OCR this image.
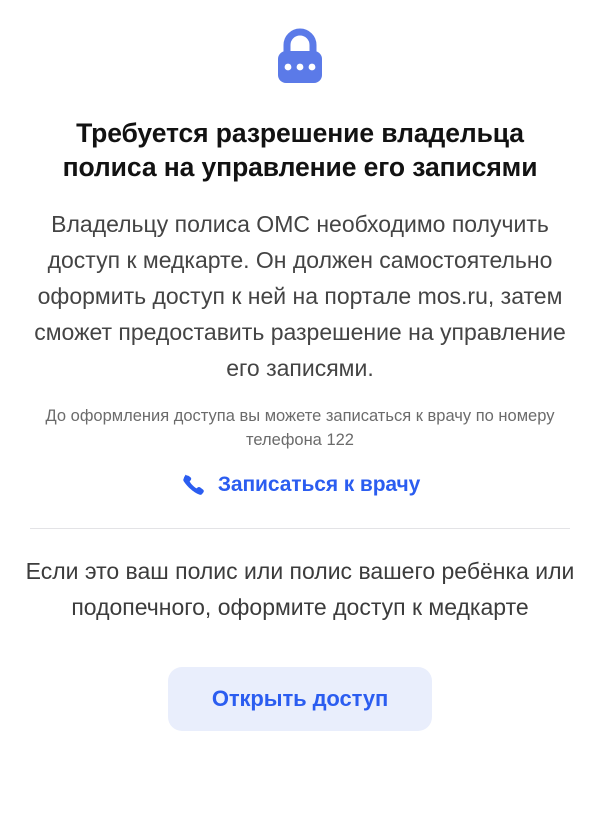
Требуется разрешение владельца полиса на управление его записями

Владельцу полиса ОМС необходимо получить доступ к медкарте. Он должен самостоятельно оформить доступ к ней на портале mos.ru, затем сможет предоставить разрешение на управление его записями.

До оформления доступа вы можете записаться к врачу по номеру телефона 122

Записаться к врачу

Если это ваш полис или полис вашего ребёнка или подопечного, оформите доступ к медкарте

Открыть доступ
